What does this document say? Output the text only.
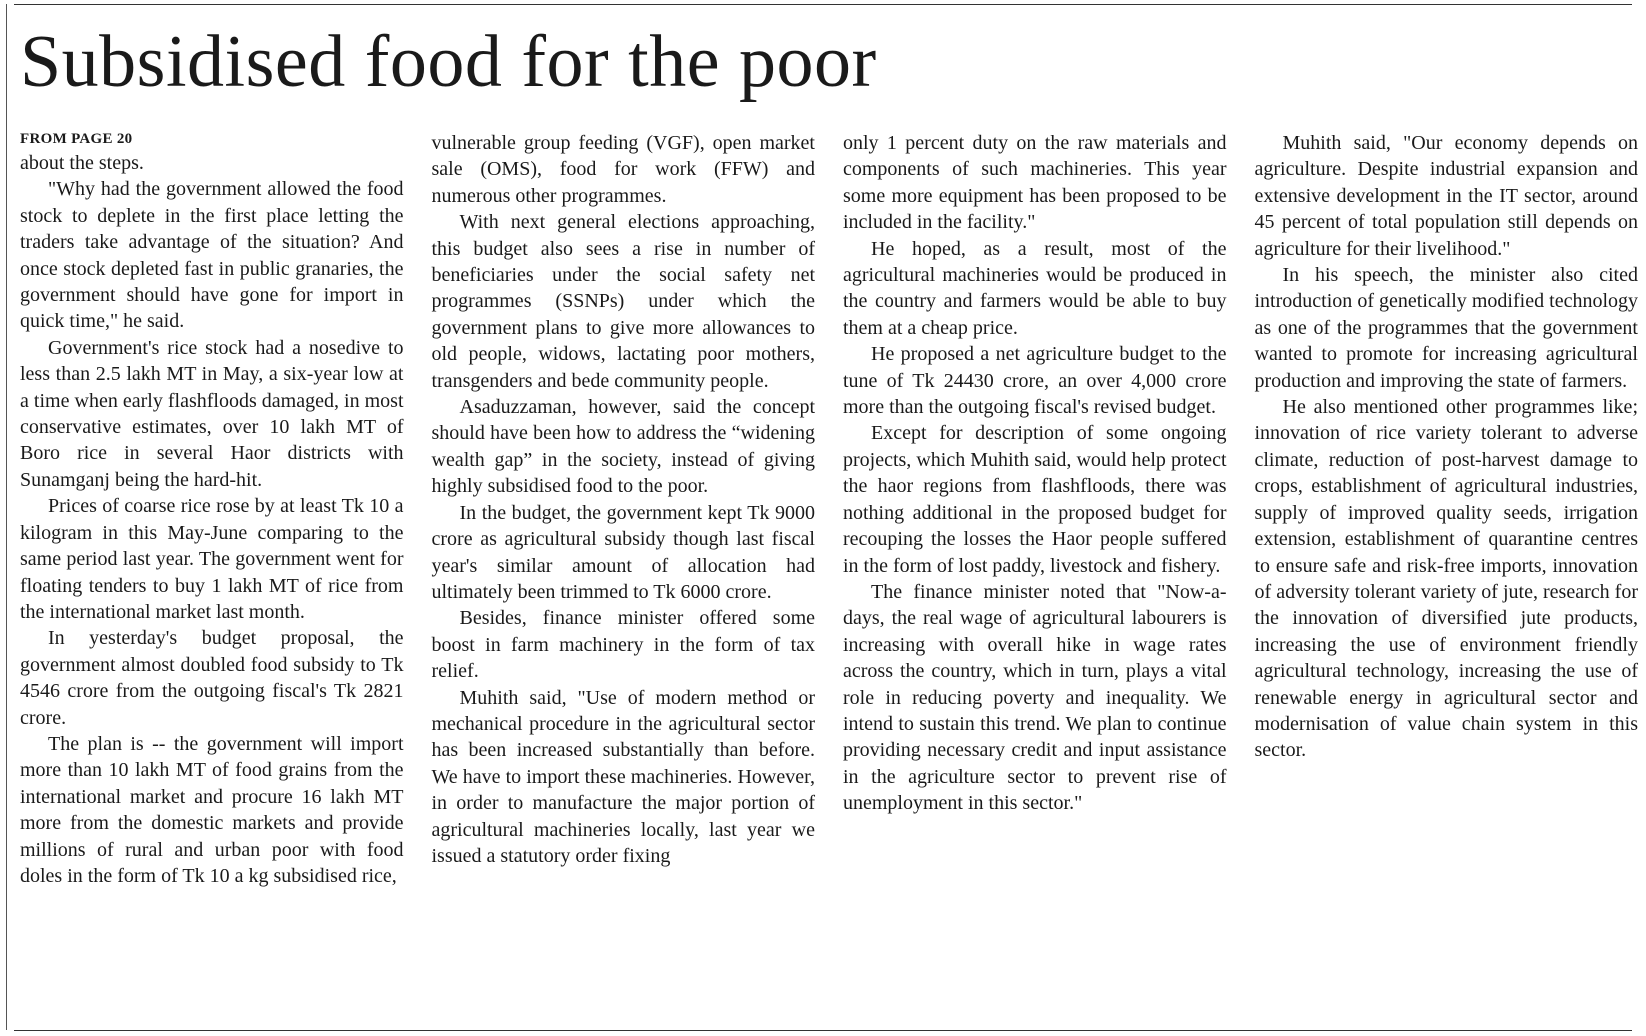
Subsidised food for the poor
FROM PAGE 20

about the steps.

"Why had the government allowed the food stock to deplete in the first place letting the traders take advantage of the situation? And once stock depleted fast in public granaries, the government should have gone for import in quick time," he said.

Government's rice stock had a nosedive to less than 2.5 lakh MT in May, a six-year low at a time when early flashfloods damaged, in most conservative estimates, over 10 lakh MT of Boro rice in several Haor districts with Sunamganj being the hard-hit.

Prices of coarse rice rose by at least Tk 10 a kilogram in this May-June comparing to the same period last year. The government went for floating tenders to buy 1 lakh MT of rice from the international market last month.

In yesterday's budget proposal, the government almost doubled food subsidy to Tk 4546 crore from the outgoing fiscal's Tk 2821 crore.

The plan is -- the government will import more than 10 lakh MT of food grains from the international market and procure 16 lakh MT more from the domestic markets and provide millions of rural and urban poor with food doles in the form of Tk 10 a kg subsidised rice,

vulnerable group feeding (VGF), open market sale (OMS), food for work (FFW) and numerous other programmes.

With next general elections approaching, this budget also sees a rise in number of beneficiaries under the social safety net programmes (SSNPs) under which the government plans to give more allowances to old people, widows, lactating poor mothers, transgenders and bede community people.

Asaduzzaman, however, said the concept should have been how to address the “widening wealth gap” in the society, instead of giving highly subsidised food to the poor.

In the budget, the government kept Tk 9000 crore as agricultural subsidy though last fiscal year's similar amount of allocation had ultimately been trimmed to Tk 6000 crore.

Besides, finance minister offered some boost in farm machinery in the form of tax relief.

Muhith said, "Use of modern method or mechanical procedure in the agricultural sector has been increased substantially than before. We have to import these machineries. However, in order to manufacture the major portion of agricultural machineries locally, last year we issued a statutory order fixing

only 1 percent duty on the raw materials and components of such machineries. This year some more equipment has been proposed to be included in the facility."

He hoped, as a result, most of the agricultural machineries would be produced in the country and farmers would be able to buy them at a cheap price.

He proposed a net agriculture budget to the tune of Tk 24430 crore, an over 4,000 crore more than the outgoing fiscal's revised budget.

Except for description of some ongoing projects, which Muhith said, would help protect the haor regions from flashfloods, there was nothing additional in the proposed budget for recouping the losses the Haor people suffered in the form of lost paddy, livestock and fishery.

The finance minister noted that "Now-a-days, the real wage of agricultural labourers is increasing with overall hike in wage rates across the country, which in turn, plays a vital role in reducing poverty and inequality. We intend to sustain this trend. We plan to continue providing necessary credit and input assistance in the agriculture sector to prevent rise of unemployment in this sector."

Muhith said, "Our economy depends on agriculture. Despite industrial expansion and extensive development in the IT sector, around 45 percent of total population still depends on agriculture for their livelihood."

In his speech, the minister also cited introduction of genetically modified technology as one of the programmes that the government wanted to promote for increasing agricultural production and improving the state of farmers.

He also mentioned other programmes like; innovation of rice variety tolerant to adverse climate, reduction of post-harvest damage to crops, establishment of agricultural industries, supply of improved quality seeds, irrigation extension, establishment of quarantine centres to ensure safe and risk-free imports, innovation of adversity tolerant variety of jute, research for the innovation of diversified jute products, increasing the use of environment friendly agricultural technology, increasing the use of renewable energy in agricultural sector and modernisation of value chain system in this sector.
